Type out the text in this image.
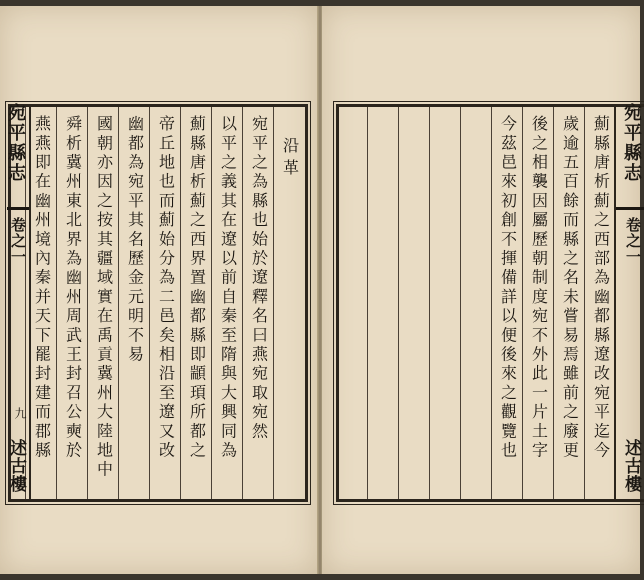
沿革
宛平之為縣也始於遼釋名曰燕宛取宛然
以平之義其在遼以前自秦至隋與大興同為
薊縣唐析薊之西界置幽都縣即顓頊所都之
帝丘地也而薊始分為二邑矣相沿至遼又改
幽都為宛平其名歷金元明不易
國朝亦因之按其疆域實在禹貢冀州大陸地中
舜析冀州東北界為幽州周武王封召公奭於
燕燕即在幽州境內秦并天下罷封建而郡縣
宛平縣志
卷之一
九
述古樓
宛平縣志
卷之一
述古樓
薊縣唐析薊之西部為幽都縣遼改宛平迄今
歲逾五百餘而縣之名未嘗易焉雖前之廢更
後之相襲因屬歷朝制度宛不外此一片土字
今茲邑來初創不揮備詳以便後來之觀覽也
